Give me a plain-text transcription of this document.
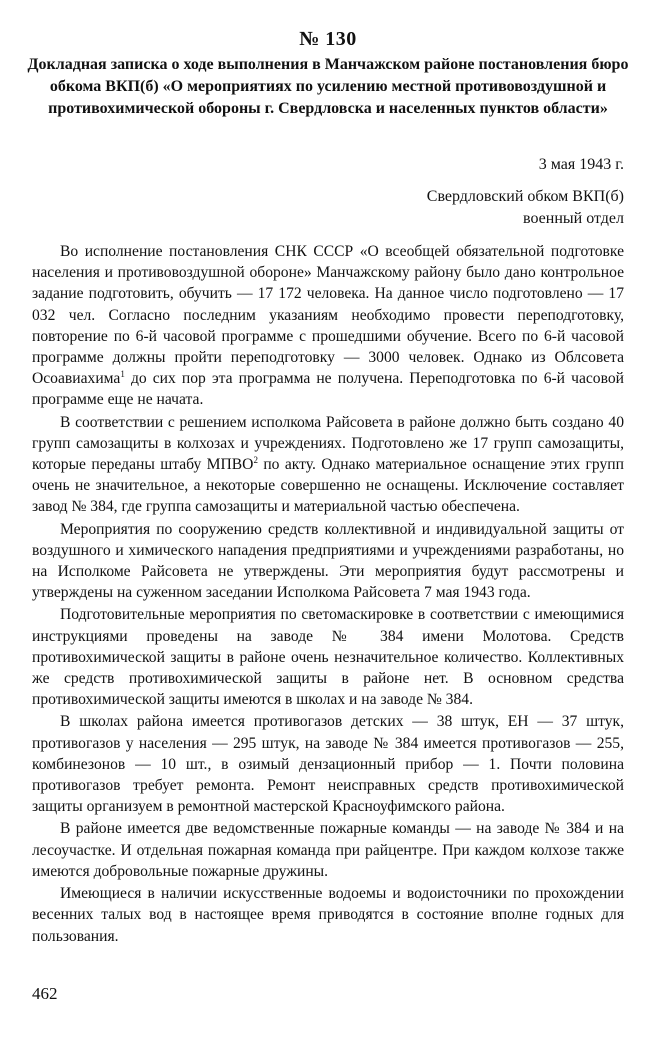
№ 130
Докладная записка о ходе выполнения в Манчажском районе постановления бюро обкома ВКП(б) «О мероприятиях по усилению местной противовоздушной и противохимической обороны г. Свердловска и населенных пунктов области»
3 мая 1943 г.
Свердловский обком ВКП(б)
военный отдел

Во исполнение постановления СНК СССР «О всеобщей обязательной подготовке населения и противовоздушной обороне» Манчажскому району было дано контрольное задание подготовить, обучить — 17 172 человека. На данное число подготовлено — 17 032 чел. Согласно последним указаниям необходимо провести переподготовку, повторение по 6-й часовой программе с прошедшими обучение. Всего по 6-й часовой программе должны пройти переподготовку — 3000 человек. Однако из Облсовета Осоавиахима$^1$ до сих пор эта программа не получена. Переподготовка по 6-й часовой программе еще не начата.

В соответствии с решением исполкома Райсовета в районе должно быть создано 40 групп самозащиты в колхозах и учреждениях. Подготовлено же 17 групп самозащиты, которые переданы штабу МПВО$^2$ по акту. Однако материальное оснащение этих групп очень не значительное, а некоторые совершенно не оснащены. Исключение составляет завод № 384, где группа самозащиты и материальной частью обеспечена.

Мероприятия по сооружению средств коллективной и индивидуальной защиты от воздушного и химического нападения предприятиями и учреждениями разработаны, но на Исполкоме Райсовета не утверждены. Эти мероприятия будут рассмотрены и утверждены на суженном заседании Исполкома Райсовета 7 мая 1943 года.

Подготовительные мероприятия по светомаскировке в соответствии с имеющимися инструкциями проведены на заводе № 384 имени Молотова. Средств противохимической защиты в районе очень незначительное количество. Коллективных же средств противохимической защиты в районе нет. В основном средства противохимической защиты имеются в школах и на заводе № 384.

В школах района имеется противогазов детских — 38 штук, ЕН — 37 штук, противогазов у населения — 295 штук, на заводе № 384 имеется противогазов — 255, комбинезонов — 10 шт., в озимый дензационный прибор — 1. Почти половина противогазов требует ремонта. Ремонт неисправных средств противохимической защиты организуем в ремонтной мастерской Красноуфимского района.

В районе имеется две ведомственные пожарные команды — на заводе № 384 и на лесоучастке. И отдельная пожарная команда при райцентре. При каждом колхозе также имеются добровольные пожарные дружины.

Имеющиеся в наличии искусственные водоемы и водоисточники по прохождении весенних талых вод в настоящее время приводятся в состояние вполне годных для пользования.

462
